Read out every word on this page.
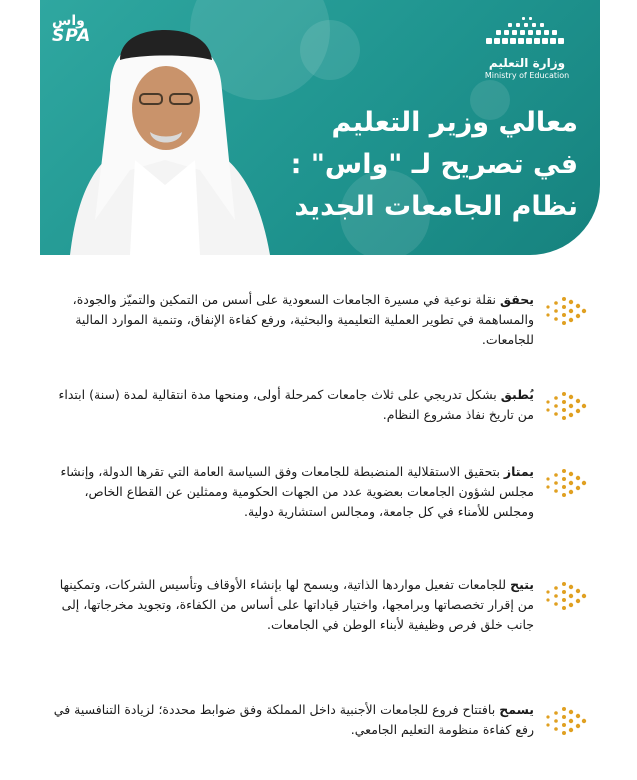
واس
SPA
وزارة التعليم
Ministry of Education
معالي وزير التعليم
في تصريح لـ "واس" :
نظام الجامعات الجديد

يحقق نقلة نوعية في مسيرة الجامعات السعودية على أسس من التمكين والتميّز والجودة، والمساهمة في تطوير العملية التعليمية والبحثية، ورفع كفاءة الإنفاق، وتنمية الموارد المالية للجامعات.

يُطبق بشكل تدريجي على ثلاث جامعات كمرحلة أولى، ومنحها مدة انتقالية لمدة (سنة) ابتداء من تاريخ نفاذ مشروع النظام.

يمتاز بتحقيق الاستقلالية المنضبطة للجامعات وفق السياسة العامة التي تقرها الدولة، وإنشاء مجلس لشؤون الجامعات بعضوية عدد من الجهات الحكومية وممثلين عن القطاع الخاص، ومجلس للأمناء في كل جامعة، ومجالس استشارية دولية.

يتيح للجامعات تفعيل مواردها الذاتية، ويسمح لها بإنشاء الأوقاف وتأسيس الشركات، وتمكينها من إقرار تخصصاتها وبرامجها، واختيار قياداتها على أساس من الكفاءة، وتجويد مخرجاتها، إلى جانب خلق فرص وظيفية لأبناء الوطن في الجامعات.

يسمح بافتتاح فروع للجامعات الأجنبية داخل المملكة وفق ضوابط محددة؛ لزيادة التنافسية في رفع كفاءة منظومة التعليم الجامعي.
